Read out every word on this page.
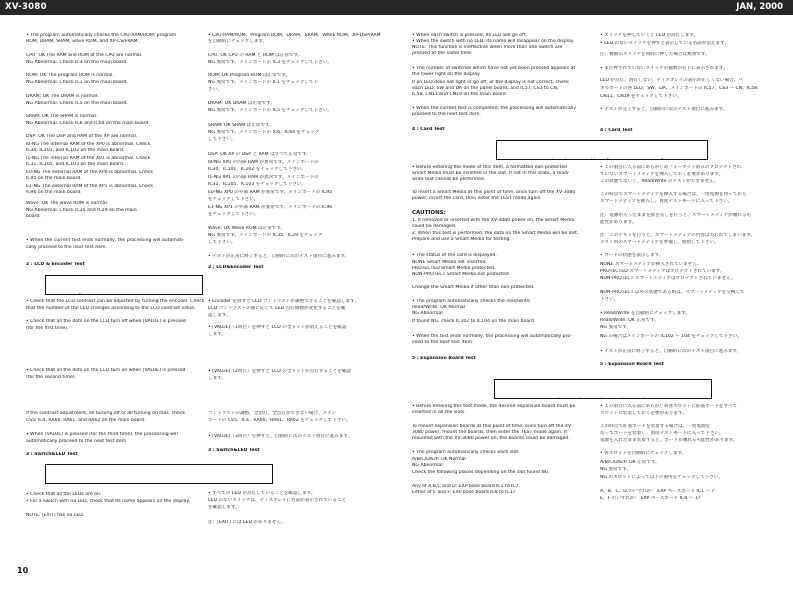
XV-3080	JAN, 2000
• The program automatically checks the CPU-RAM/ROM, program
ROM, DRAM, SRAM, wave ROM, and XP-CS/FRAM.
CPU: OK The RAM and ROM of the CPU are normal.
NG Abnormal. Check IC3 on the main board.
ROM: OK The program ROM is normal.
NG Abnormal. Check IC1 on the main board.
DRAM: OK The DRAM is normal.
NG Abnormal. Check IC5 on the main board.
SRAM: OK The SRAM is normal.
NG Abnormal. Check IC6 and IC64 on the main board.
DSP: OK The DSP and RAM of the XP are normal.
I0-NG The internal RAM of the XP0 is abnormal. Check
IC30, IC101, and IC102 on the main board.
I1-NG The internal RAM of the XP1 is abnormal. Check
IC31, IC105, and IC103 on the main board.
E0-NG The external RAM of the XP0 is abnormal. Check
IC95 on the main board.
E1-NG The external RAM of the XP1 is abnormal. Check
IC96 on the main board.
Wave: OK The wave ROM is normal.
NG Abnormal. Check IC35 and IC29 on the main
board.
• When the current test ends normally, the processing will automati-
cally proceed to the next test item.
2 : LCD & Encoder Test

• Check that the LCD contrast can be adjusted by turning the encoder. Check
that the number of the LED changes according to the LCD contrast value.
• Check that all the dots on the LCD turn off when [VALUE] is pressed
(for the first time).
• Check that all the dots on the LCD turn on when [VALUE] is pressed
(for the second time).
If the contrast adjustment, all turning off or all turning on fails, check
CS5, IC4, RA60, RA61, and RA62 on the main board.
• When [VALUE] is pressed (for the third time), the processing will
automatically proceed to the next test item.
3 : Switch&LED Test

• Check that all the LEDs are on.
• For a switch with no LED, check that its name appears on the display.
NOTE: [EXIT] has no LED.
• CPU-RAM/ROM、Program ROM、DRAM、SRAM、WAVE ROM、XP-DSP/RAM
を自動的にチェックします。
CPU: OK CPU の RAM と ROM は正常です。
NG 異常です。メインボードの IC3 をチェックして下さい。
ROM: OK Program ROM は正常です。
NG 異常です。メインボードの IC1 をチェックして下
さい。
DRAM: OK DRAM は正常です。
NG 異常です。メインボードの IC5 をチェックして下さい。
SRAM: OK SRAM は正常です。
NG 異常です。メインボードの IC6、IC64 をチェック
して下さい。
DSP: OK XP の DSP と RAM はすべて正常です。
I0-NG XP0 の内部 RAM が異常です。メインボードの
IC30、IC101、IC102 をチェックして下さい。
I1-NG XP1 の内部 RAM が異常です。メインボードの
IC31、IC105、IC103 をチェックして下さい。
E0-NG XP0 の外部 RAM が異常です。メインボードの IC95
をチェックして下さい。
E1-NG XP1 の外部 RAM が異常です。メインボードの IC96
をチェックして下さい。
Wave: OK Wave ROM は正常です。
NG 異常です。メインボードの IC35、IC29 をチェック
して下さい。
• テストが正常に終了すると、自動的に次のテスト項目に進みます。
2 : LCD&Encoder Test
• Encoder を回すと LCD コントラストが調整できることを確認します。
LCD コントラストの値に応じて LED 点灯個数が変化することを確
認します。
• [VALUE]（1回目）を押すと LCD の全ドットが消えることを確認
します。
• [VALUE]（2回目）を押すと LCD の全ドットが点灯することを確認
します。
コントラストの調整、全消灯、全点灯ができない場合、メイン
ボードの CS5、IC4、RA60、RA61、RA62 をチェックして下さい。
• [VALUE]（3回目）を押すと、自動的に次のテスト項目に進みます。
3 : Switch&LED Test
• すべての LED が点灯していることを確認します。
LED のないスイッチは、ディスプレイに名前が表示されていること
を確認します。
注：[EXIT] には LED がありません。
• When each switch is pressed, its LED will go off.
• When the switch with no LED, its name will disappear on the display.
NOTE: This function is ineffective when more than one switch are
pressed at the same time.
• The number of switches which have not yet been pressed appears at
the lower right on the display.
If an LED does not light or go off, or the display is not correct, check
each LED, SW and DA on the panel board, and IC57, CS3 to CN,
IC58, CN11 and CN19 on the main board.
• When the current test is completed, the processing will automatically
proceed to the next test item.
4 : Card Test

• Before entering the mode of this item, a formatted non-protected
Smart Media must be inserted in the slot. If not in this state, a read/
write test cannot be performed.
To insert a Smart Media at this point of time, once turn off the XV-3080
power, insert the card, then enter the TEST mode again.
CAUTIONS:
1. If removed or inserted with the XV-3080 power on, the Smart Media
could be damaged.
2. When this test is performed, the data on the Smart Media will be lost.
Prepare and use a Smart Media for testing.
• The status of the card is displayed.
NONE Smart Media not inserted.
PROTECTED Smart Media protected.
NON-PROTECT Smart Media not protected.
Change the Smart Media if other than non-protected.
• The program automatically checks the read/write.
Read/Write: OK Normal
NG Abnormal
If found NG, check IC102 to IC104 on the main board.
• When the test ends normally, the processing will automatically pro-
ceed to the next test item.
5 : Expansion Board Test

• Before entering this test mode, the desired expansion board must be
inserted in all the slots.
To mount expansion boards at this point of time, once turn off the XV-
3080 power, mount the boards, then enter the TEST mode again. If
mounted with the XV-3080 power on, the boards could be damaged.
• The program automatically checks each slot.
A/B/C/D/E/F: OK Normal
NG Abnormal
Check the following places depending on the slot found NG.
Any of A,B,C and D: EXP base board IC1 to IC7
Either of E and F: EXP base board IC8 to IC17
• スイッチを押していくと LED が消灯します。
• LED のないスイッチを押すと表示している名前が消えます。
注：複数のスイッチを同時に押した場合は無効です。
• まだ押されていないスイッチの個数が右下に表示されます。
LED が点灯、消灯しない、ディスプレイの表示が正しくない場合、パ
ネルボードの各 LED、SW、DA、メインボードの IC57、CS3 ～ CN、IC58、
CN11、CN19 をチェックして下さい。
• テストが完了すると、自動的に次のテスト項目に進みます。
4 : Card Test
• この項目に入る前にあらかじめフォーマット済みのプロテクトされ
ていないスマートメディアを挿入しておく必要があります。
この状態でないと、Read/Write のテストができません。
この時点でスマートメディアを挿入する場合は、一度電源を切ってから
スマートメディアを挿入し、再度テストモードに入って下さい。
注：電源が入ったままを抜き差しを行うと、スマートメディアが壊れる可
能性があります。
注：このテストを行うと、スマートメディアの内容は失われてしまいます。
テスト用のスマートメディアを準備し、使用して下さい。
• カードの状態を表示します。
NONE スマートメディアが挿入されていません。
PROTECTED スマートメディアはプロテクトされています。
NON-PROTECT スマートメディアはプロテクトされていません。
NON-PROTECT 以外の状態である時は、スマートメディアを交換して
下さい。
• Read/Write を自動的にチェックします。
Read/Write: OK 正常です。
NG 異常です。
NG の場合はメインボードの IC102 ～ 104 をチェックして下さい。
• テストが正常に終了すると、自動的に次のテスト項目に進みます。
5 : Expansion Board Test
• この項目に入る前にあらかじめ各スロットに拡張ボードをすべて
スロットに装着しておく必要があります。
この時点で拡張ボードを装着する場合は、一度電源を
切ってボードを装着し、再度テストモードに入って下さい。
電源を入れたまま装着すると、ボードが壊れる可能性があります。
• 各スロットを自動的にチェックします。
A/B/C/D/E/F: OK 正常です。
NG 異常です。
NG のスロットによって以下の箇所をチェックして下さい。
A、B、C、D のいずれか： EXP ベースボード IC1 ～ 7
E、F のいずれか： EXP ベースボード IC8 ～ 17
10
